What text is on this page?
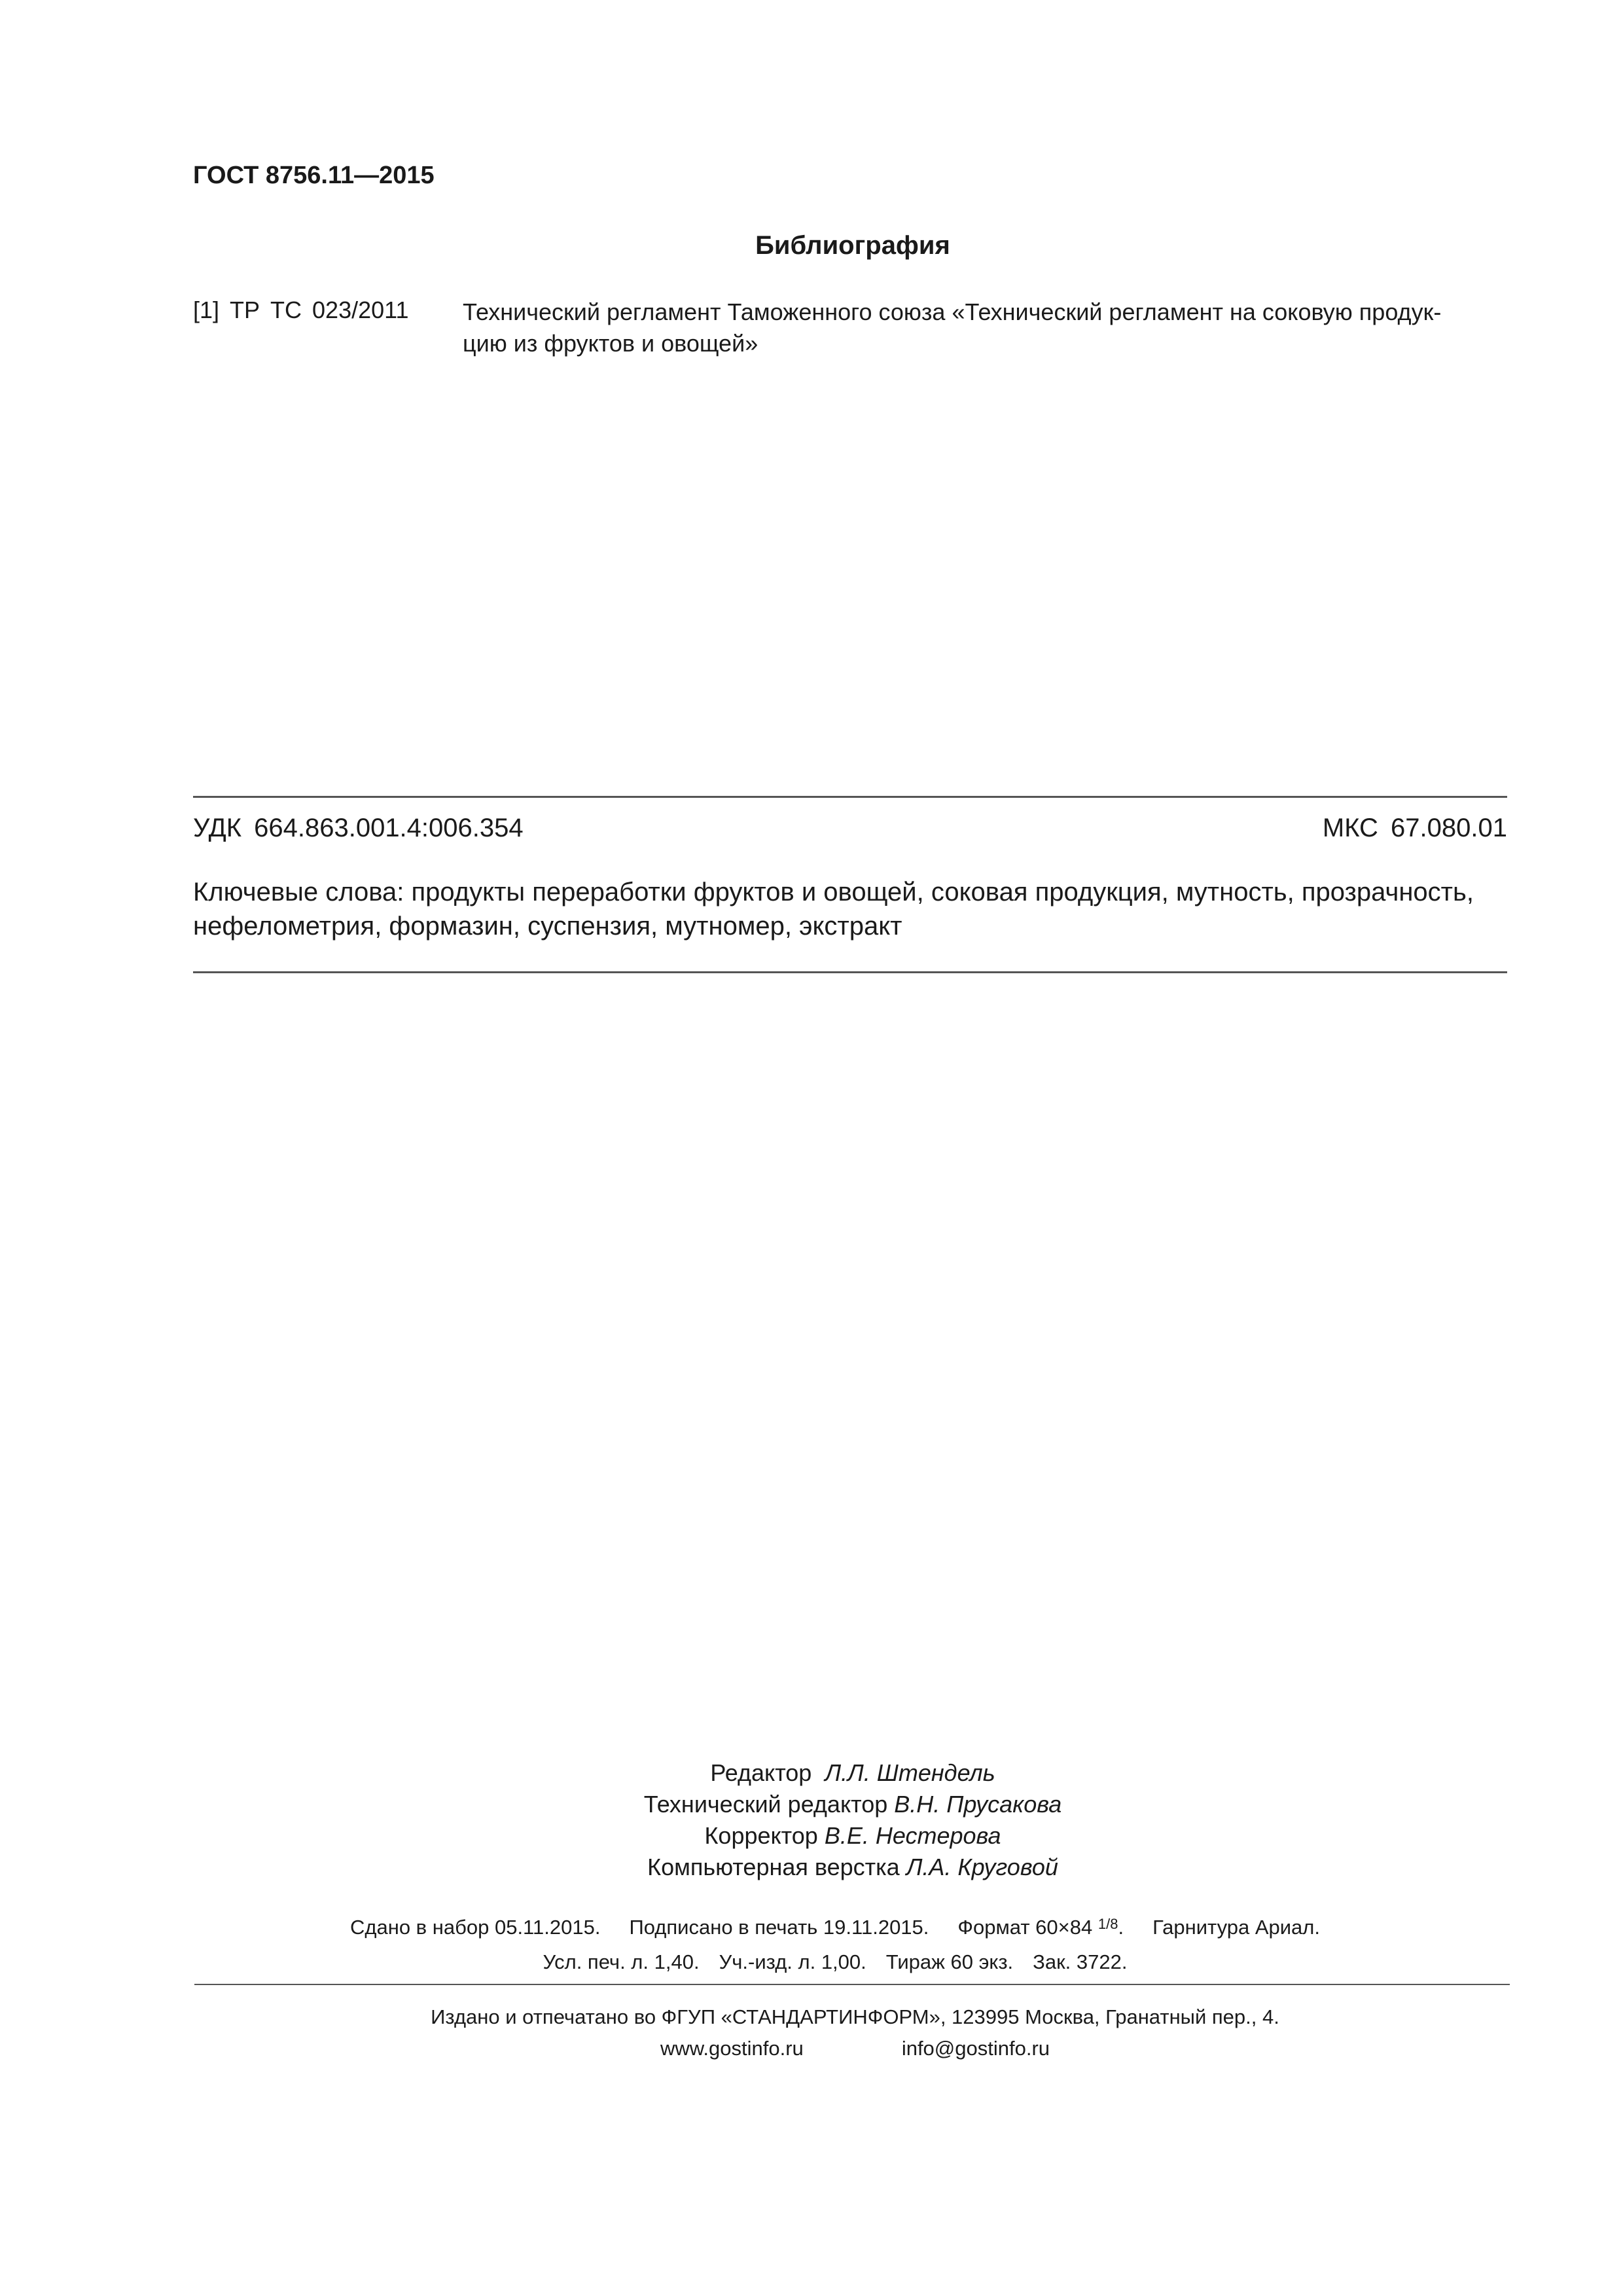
ГОСТ 8756.11—2015
Библиография
[1] ТР ТС 023/2011 Технический регламент Таможенного союза «Технический регламент на соковую продук-
цию из фруктов и овощей»
УДК 664.863.001.4:006.354	МКС 67.080.01
Ключевые слова: продукты переработки фруктов и овощей, соковая продукция, мутность, прозрачность,
нефелометрия, формазин, суспензия, мутномер, экстракт
Редактор Л.Л. Штендель
Технический редактор В.Н. Прусакова
Корректор В.Е. Нестерова
Компьютерная верстка Л.А. Круговой
Сдано в набор 05.11.2015. Подписано в печать 19.11.2015. Формат 60×84 $^{1/8}$. Гарнитура Ариал.
Усл. печ. л. 1,40. Уч.-изд. л. 1,00. Тираж 60 экз. Зак. 3722.
Издано и отпечатано во ФГУП «СТАНДАРТИНФОРМ», 123995 Москва, Гранатный пер., 4.
www.gostinfo.ru	info@gostinfo.ru
